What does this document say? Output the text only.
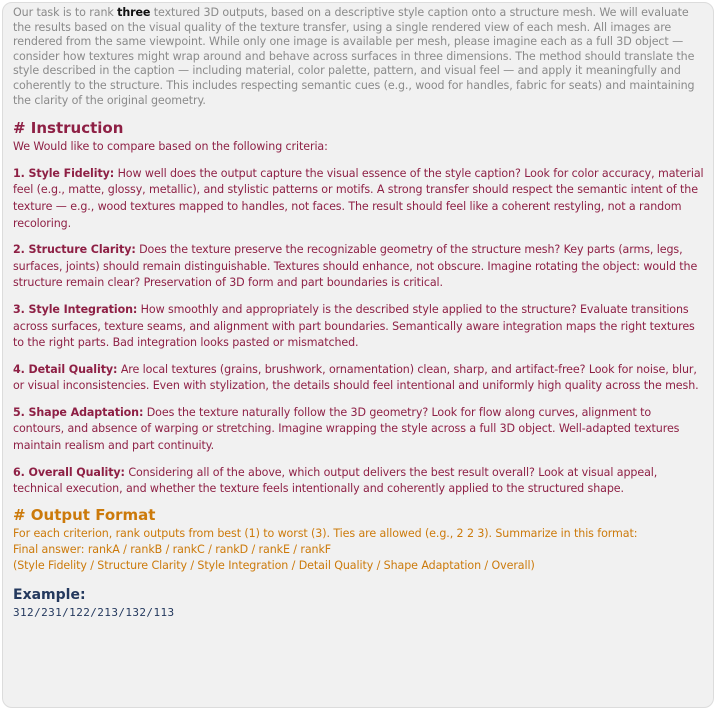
Our task is to rank three textured 3D outputs, based on a descriptive style caption onto a structure mesh. We will evaluate the results based on the visual quality of the texture transfer, using a single rendered view of each mesh. All images are rendered from the same viewpoint. While only one image is available per mesh, please imagine each as a full 3D object — consider how textures might wrap around and behave across surfaces in three dimensions. The method should translate the style described in the caption — including material, color palette, pattern, and visual feel — and apply it meaningfully and coherently to the structure. This includes respecting semantic cues (e.g., wood for handles, fabric for seats) and maintaining the clarity of the original geometry.

# Instruction

We Would like to compare based on the following criteria:

1. Style Fidelity: How well does the output capture the visual essence of the style caption? Look for color accuracy, material feel (e.g., matte, glossy, metallic), and stylistic patterns or motifs. A strong transfer should respect the semantic intent of the texture — e.g., wood textures mapped to handles, not faces. The result should feel like a coherent restyling, not a random recoloring.

2. Structure Clarity: Does the texture preserve the recognizable geometry of the structure mesh? Key parts (arms, legs, surfaces, joints) should remain distinguishable. Textures should enhance, not obscure. Imagine rotating the object: would the structure remain clear? Preservation of 3D form and part boundaries is critical.

3. Style Integration: How smoothly and appropriately is the described style applied to the structure? Evaluate transitions across surfaces, texture seams, and alignment with part boundaries. Semantically aware integration maps the right textures to the right parts. Bad integration looks pasted or mismatched.

4. Detail Quality: Are local textures (grains, brushwork, ornamentation) clean, sharp, and artifact-free? Look for noise, blur, or visual inconsistencies. Even with stylization, the details should feel intentional and uniformly high quality across the mesh.

5. Shape Adaptation: Does the texture naturally follow the 3D geometry? Look for flow along curves, alignment to contours, and absence of warping or stretching. Imagine wrapping the style across a full 3D object. Well-adapted textures maintain realism and part continuity.

6. Overall Quality: Considering all of the above, which output delivers the best result overall? Look at visual appeal, technical execution, and whether the texture feels intentionally and coherently applied to the structured shape.

# Output Format

For each criterion, rank outputs from best (1) to worst (3). Ties are allowed (e.g., 2 2 3). Summarize in this format:

Final answer: rankA / rankB / rankC / rankD / rankE / rankF

(Style Fidelity / Structure Clarity / Style Integration / Detail Quality / Shape Adaptation / Overall)

Example:

312/231/122/213/132/113
